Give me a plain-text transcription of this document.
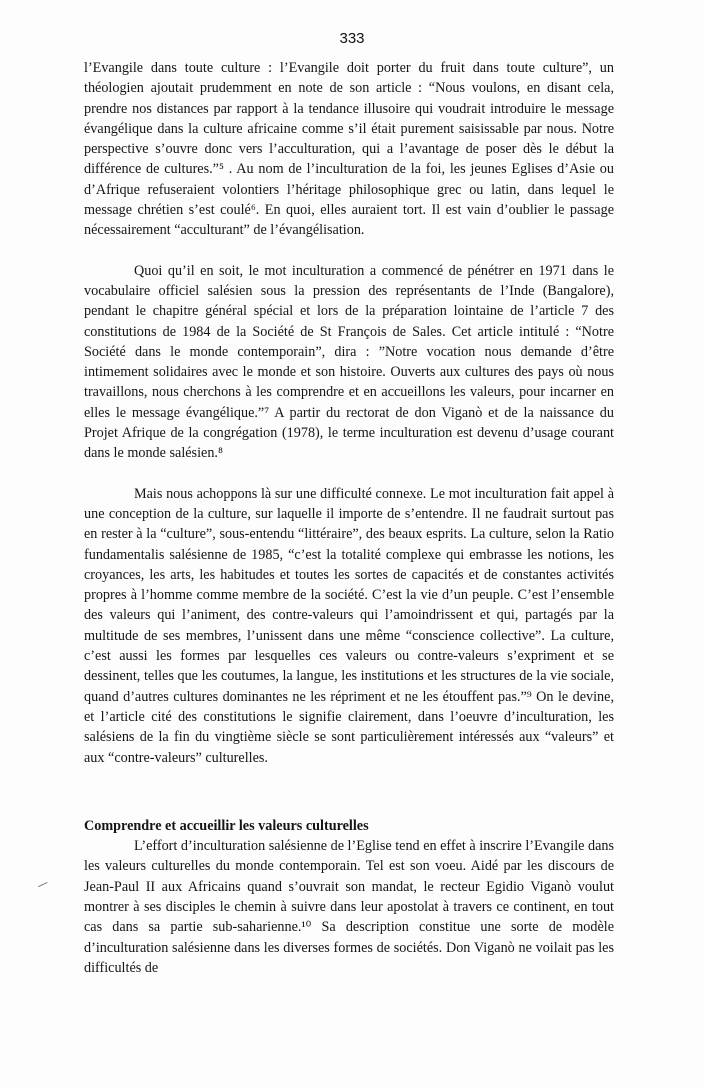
333

l’Evangile dans toute culture : l’Evangile doit porter du fruit dans toute culture”, un théologien ajoutait prudemment en note de son article : “Nous voulons, en disant cela, prendre nos distances par rapport à la tendance illusoire qui voudrait introduire le message évangélique dans la culture africaine comme s’il était purement saisissable par nous. Notre perspective s’ouvre donc vers l’acculturation, qui a l’avantage de poser dès le début la différence de cultures.”⁵ . Au nom de l’inculturation de la foi, les jeunes Eglises d’Asie ou d’Afrique refuseraient volontiers l’héritage philosophique grec ou latin, dans lequel le message chrétien s’est coulé⁶. En quoi, elles auraient tort. Il est vain d’oublier le passage nécessairement “acculturant” de l’évangélisation.

Quoi qu’il en soit, le mot inculturation a commencé de pénétrer en 1971 dans le vocabulaire officiel salésien sous la pression des représentants de l’Inde (Bangalore), pendant le chapitre général spécial et lors de la préparation lointaine de l’article 7 des constitutions de 1984 de la Société de St François de Sales. Cet article intitulé : “Notre Société dans le monde contemporain”, dira : ”Notre vocation nous demande d’être intimement solidaires avec le monde et son histoire. Ouverts aux cultures des pays où nous travaillons, nous cherchons à les comprendre et en accueillons les valeurs, pour incarner en elles le message évangélique.”⁷ A partir du rectorat de don Viganò et de la naissance du Projet Afrique de la congrégation (1978), le terme inculturation est devenu d’usage courant dans le monde salésien.⁸

Mais nous achoppons là sur une difficulté connexe. Le mot inculturation fait appel à une conception de la culture, sur laquelle il importe de s’entendre. Il ne faudrait surtout pas en rester à la “culture”, sous-entendu “littéraire”, des beaux esprits. La culture, selon la Ratio fundamentalis salésienne de 1985, “c’est la totalité complexe qui embrasse les notions, les croyances, les arts, les habitudes et toutes les sortes de capacités et de constantes activités propres à l’homme comme membre de la société. C’est la vie d’un peuple. C’est l’ensemble des valeurs qui l’animent, des contre-valeurs qui l’amoindrissent et qui, partagés par la multitude de ses membres, l’unissent dans une même “conscience collective”. La culture, c’est aussi les formes par lesquelles ces valeurs ou contre-valeurs s’expriment et se dessinent, telles que les coutumes, la langue, les institutions et les structures de la vie sociale, quand d’autres cultures dominantes ne les répriment et ne les étouffent pas.”⁹ On le devine, et l’article cité des constitutions le signifie clairement, dans l’oeuvre d’inculturation, les salésiens de la fin du vingtième siècle se sont particulièrement intéressés aux “valeurs” et aux “contre-valeurs” culturelles.

Comprendre et accueillir les valeurs culturelles

L’effort d’inculturation salésienne de l’Eglise tend en effet à inscrire l’Evangile dans les valeurs culturelles du monde contemporain. Tel est son voeu. Aidé par les discours de Jean-Paul II aux Africains quand s’ouvrait son mandat, le recteur Egidio Viganò voulut montrer à ses disciples le chemin à suivre dans leur apostolat à travers ce continent, en tout cas dans sa partie sub-saharienne.¹⁰ Sa description constitue une sorte de modèle d’inculturation salésienne dans les diverses formes de sociétés. Don Viganò ne voilait pas les difficultés de
